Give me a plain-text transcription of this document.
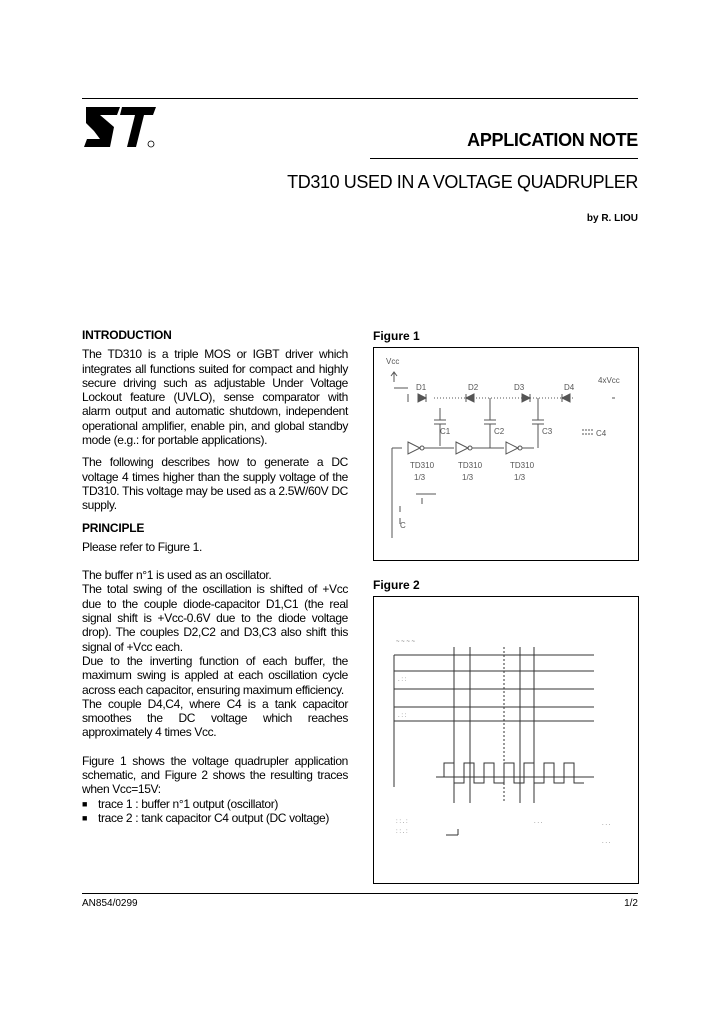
APPLICATION NOTE
TD310 USED IN A VOLTAGE QUADRUPLER
by R. LIOU
INTRODUCTION

The TD310 is a triple MOS or IGBT driver which integrates all functions suited for compact and highly secure driving such as adjustable Under Voltage Lockout feature (UVLO), sense comparator with alarm output and automatic shutdown, independent operational amplifier, enable pin, and global standby mode (e.g.: for portable applications).

The following describes how to generate a DC voltage 4 times higher than the supply voltage of the TD310. This voltage may be used as a 2.5W/60V DC supply.

PRINCIPLE

Please refer to Figure 1.

The buffer n°1 is used as an oscillator.

The total swing of the oscillation is shifted of +Vcc due to the couple diode-capacitor D1,C1 (the real signal shift is +Vcc-0.6V due to the diode voltage drop). The couples D2,C2 and D3,C3 also shift this signal of +Vcc each.

Due to the inverting function of each buffer, the maximum swing is appled at each oscillation cycle across each capacitor, ensuring maximum efficiency.

The couple D4,C4, where C4 is a tank capacitor smoothes the DC voltage which reaches approximately 4 times Vcc.

Figure 1 shows the voltage quadrupler application schematic, and Figure 2 shows the resulting traces when Vcc=15V:

■ trace 1 : buffer n°1 output (oscillator)
■ trace 2 : tank capacitor C4 output (DC voltage)
Figure 1
Vcc
4xVcc
D1	D2	D3	D4
C1	C2	C3	C4
TD310	TD310	TD310
1/3	1/3	1/3
C
Figure 2
~ ~ ~ ~
. : :
. : :
: : . :
: : . :
. . .	. . .
. . .
AN854/0299	1/2
